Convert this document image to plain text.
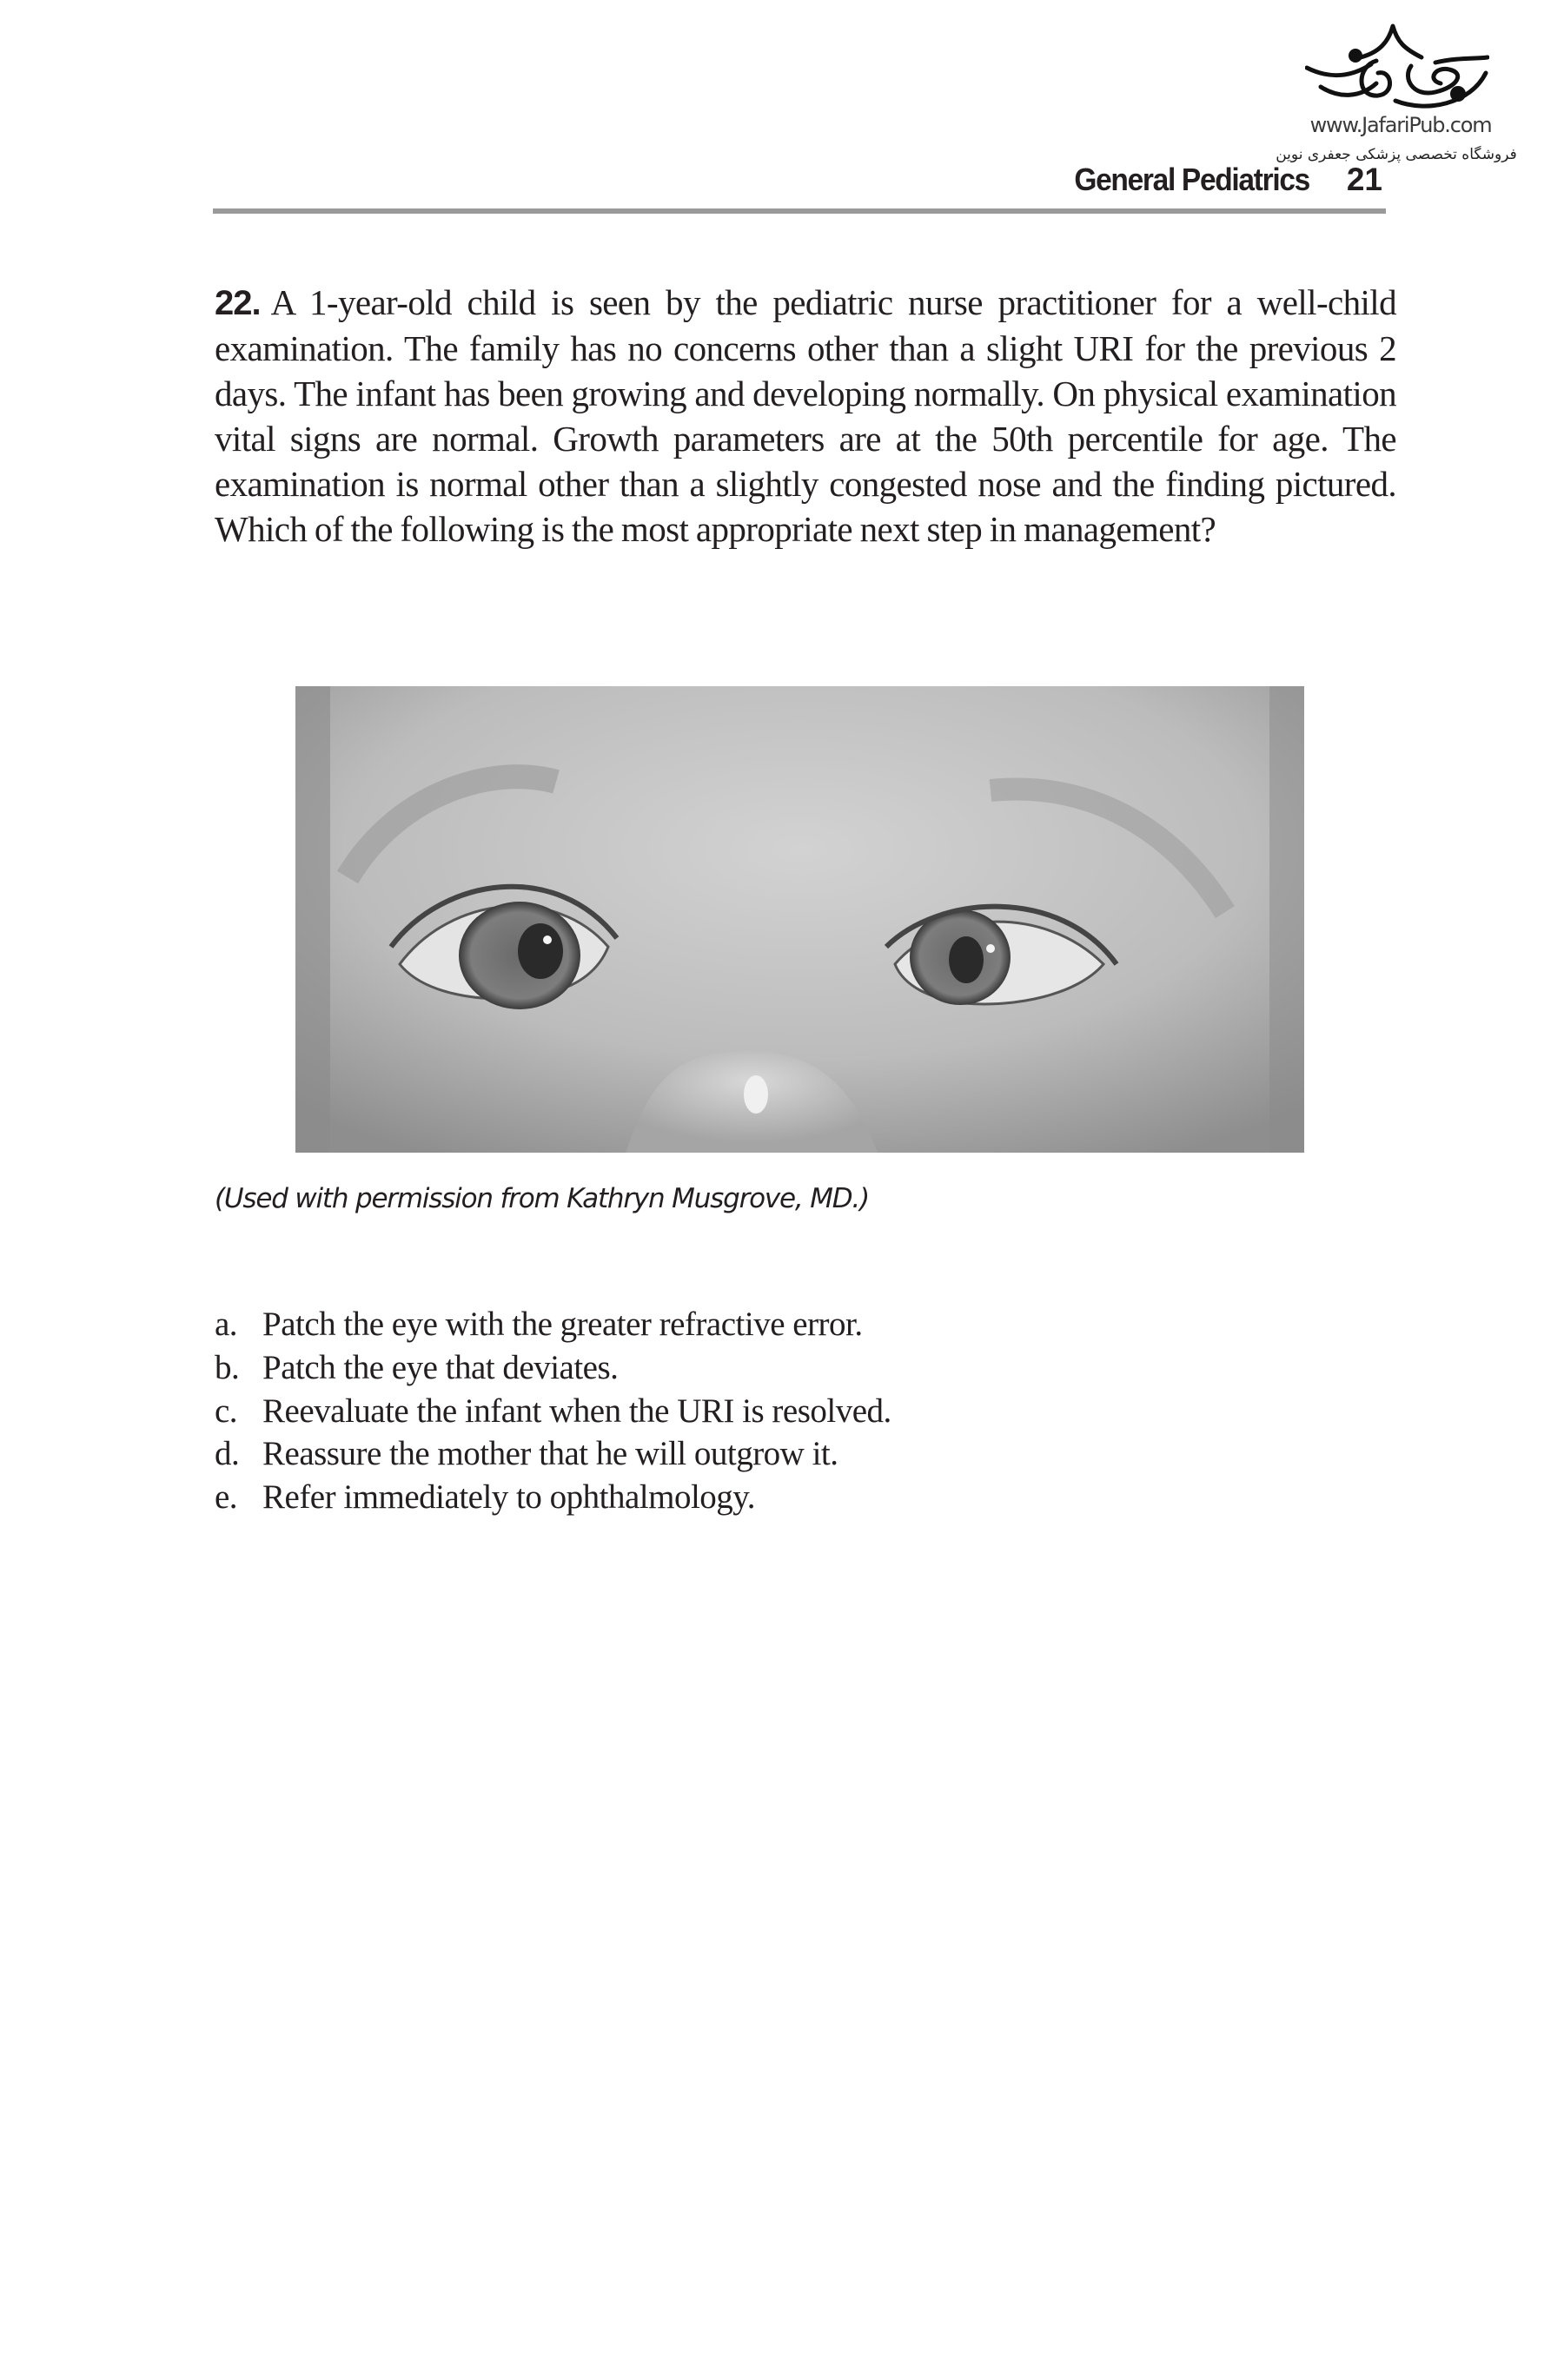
www.JafariPub.com
فروشگاه تخصصی پزشکی جعفری نوین
General Pediatrics 21
22. A 1-year-old child is seen by the pediatric nurse practitioner for a well-child examination. The family has no concerns other than a slight URI for the previous 2 days. The infant has been growing and developing normally. On physical examination vital signs are normal. Growth parameters are at the 50th percentile for age. The examination is normal other than a slightly congested nose and the finding pictured. Which of the following is the most appropriate next step in management?
(Used with permission from Kathryn Musgrove, MD.)
a. Patch the eye with the greater refractive error.
b. Patch the eye that deviates.
c. Reevaluate the infant when the URI is resolved.
d. Reassure the mother that he will outgrow it.
e. Refer immediately to ophthalmology.
